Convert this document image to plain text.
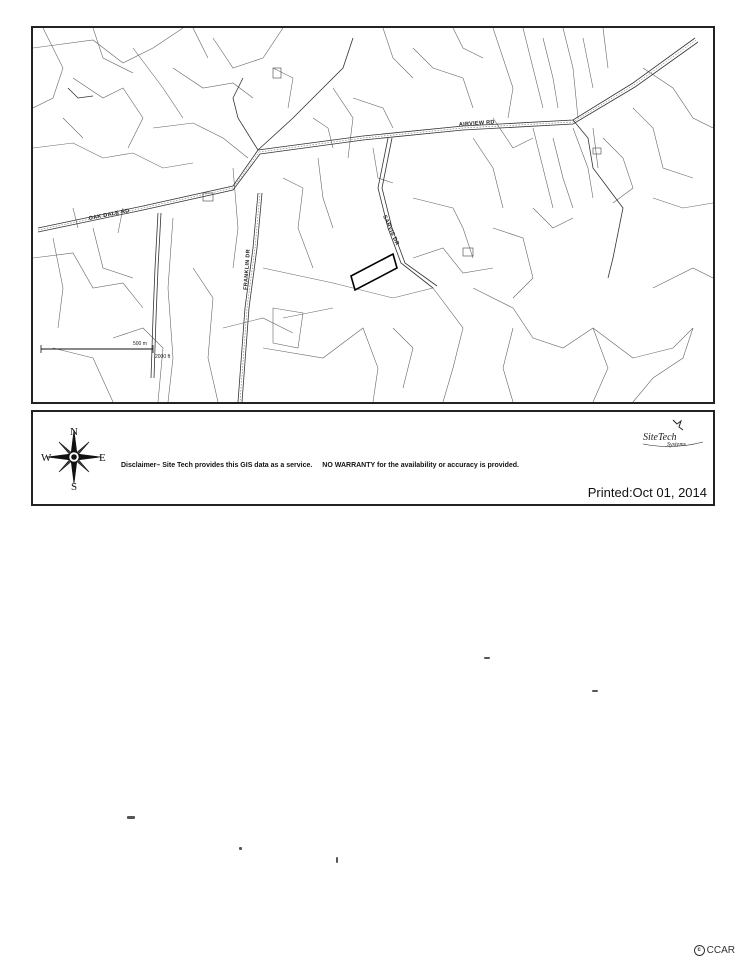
OAK DALE RD
AIRVIEW RD
FRANKLIN DR
SARVIS DR
500 m
2000 ft
N
S
E
W
Disclaimer– Site Tech provides this GIS data as a service. NO WARRANTY for the availability or accuracy is provided.
SiteTech
Systems
Printed:Oct 01, 2014
c CCAR
